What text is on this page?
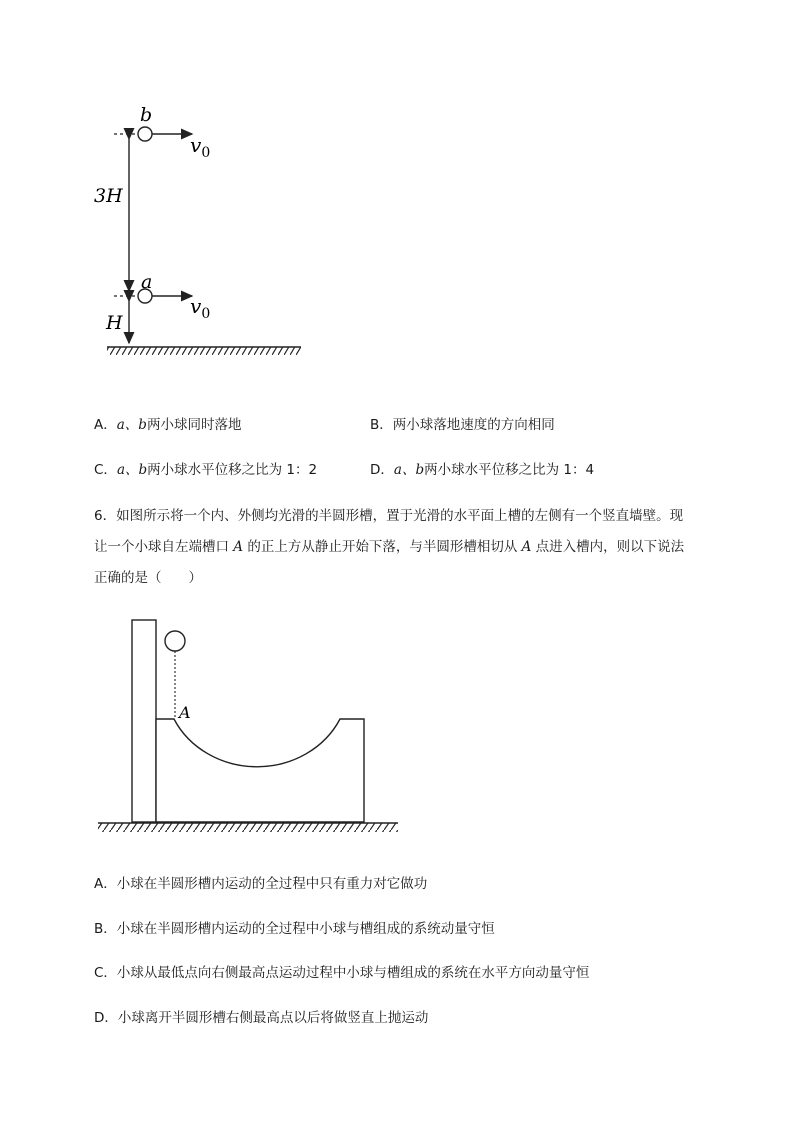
b
$v_0$
3H
a
$v_0$
H
A．a、b两小球同时落地	B．两小球落地速度的方向相同
C．a、b两小球水平位移之比为 1：2	D．a、b两小球水平位移之比为 1：4
6．如图所示将一个内、外侧均光滑的半圆形槽，置于光滑的水平面上槽的左侧有一个竖直墙壁。现
让一个小球自左端槽口 A 的正上方从静止开始下落，与半圆形槽相切从 A 点进入槽内，则以下说法
正确的是（　　）
A
A．小球在半圆形槽内运动的全过程中只有重力对它做功
B．小球在半圆形槽内运动的全过程中小球与槽组成的系统动量守恒
C．小球从最低点向右侧最高点运动过程中小球与槽组成的系统在水平方向动量守恒
D．小球离开半圆形槽右侧最高点以后将做竖直上抛运动
